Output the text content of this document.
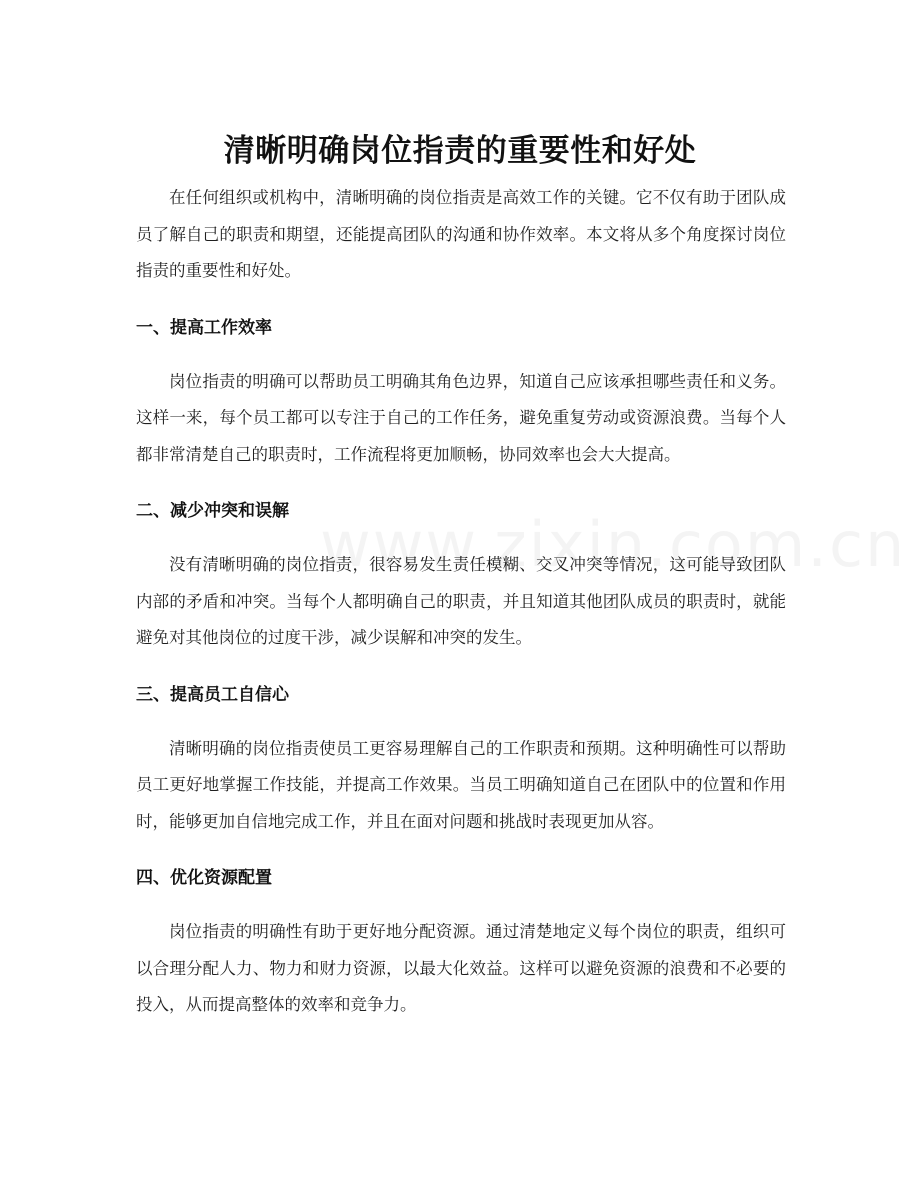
清晰明确岗位指责的重要性和好处

在任何组织或机构中，清晰明确的岗位指责是高效工作的关键。它不仅有助于团队成员了解自己的职责和期望，还能提高团队的沟通和协作效率。本文将从多个角度探讨岗位指责的重要性和好处。

一、提高工作效率

岗位指责的明确可以帮助员工明确其角色边界，知道自己应该承担哪些责任和义务。这样一来，每个员工都可以专注于自己的工作任务，避免重复劳动或资源浪费。当每个人都非常清楚自己的职责时，工作流程将更加顺畅，协同效率也会大大提高。

二、减少冲突和误解

没有清晰明确的岗位指责，很容易发生责任模糊、交叉冲突等情况，这可能导致团队内部的矛盾和冲突。当每个人都明确自己的职责，并且知道其他团队成员的职责时，就能避免对其他岗位的过度干涉，减少误解和冲突的发生。

三、提高员工自信心

清晰明确的岗位指责使员工更容易理解自己的工作职责和预期。这种明确性可以帮助员工更好地掌握工作技能，并提高工作效果。当员工明确知道自己在团队中的位置和作用时，能够更加自信地完成工作，并且在面对问题和挑战时表现更加从容。

四、优化资源配置

岗位指责的明确性有助于更好地分配资源。通过清楚地定义每个岗位的职责，组织可以合理分配人力、物力和财力资源，以最大化效益。这样可以避免资源的浪费和不必要的投入，从而提高整体的效率和竞争力。
